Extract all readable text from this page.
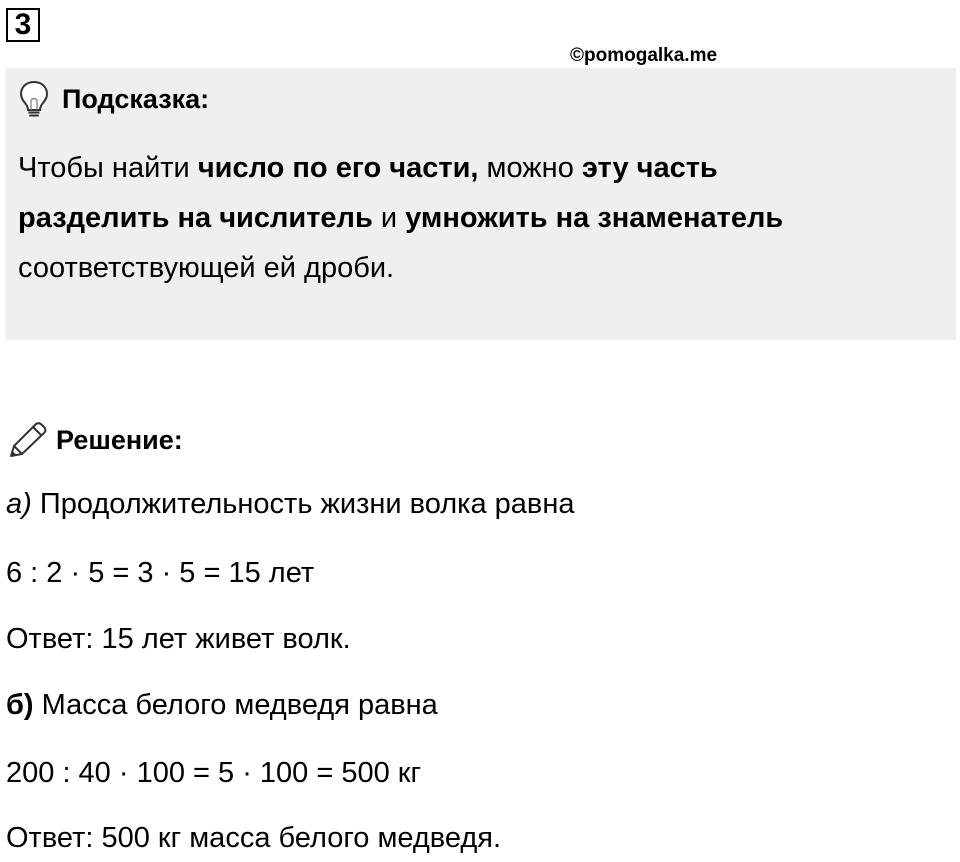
3
©pomogalka.me
Подсказка:
Чтобы найти число по его части, можно эту часть
разделить на числитель и умножить на знаменатель
соответствующей ей дроби.
Решение:
а) Продолжительность жизни волка равна
6 : 2 · 5 = 3 · 5 = 15 лет
Ответ: 15 лет живет волк.
б) Масса белого медведя равна
200 : 40 · 100 = 5 · 100 = 500 кг
Ответ: 500 кг масса белого медведя.
